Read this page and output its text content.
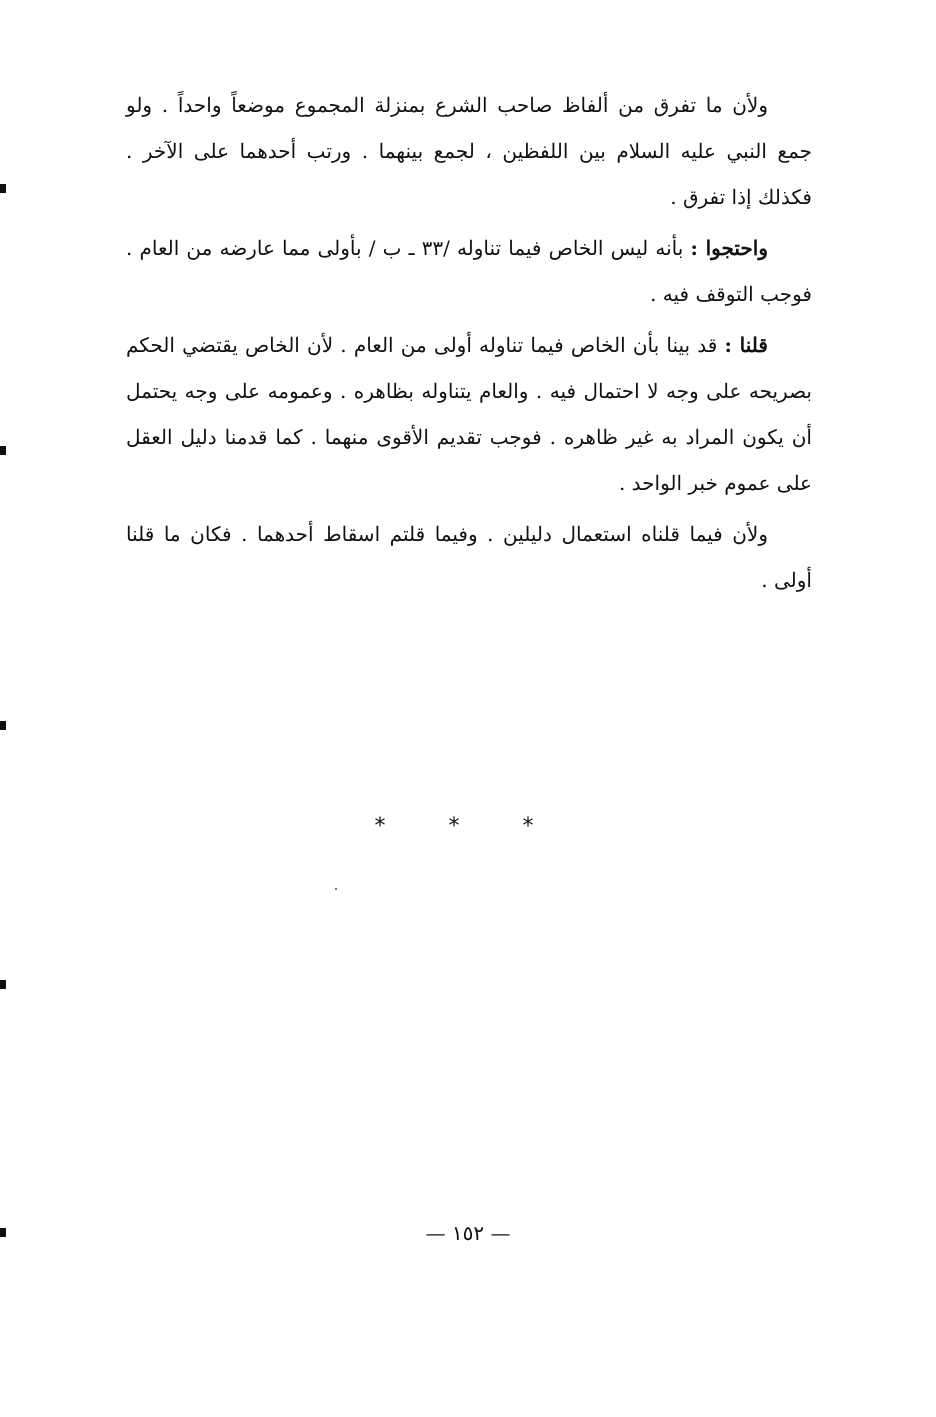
ولأن ما تفرق من ألفاظ صاحب الشرع بمنزلة المجموع موضعاً واحداً . ولو جمع النبي عليه السلام بين اللفظين ، لجمع بينهما . ورتب أحدهما على الآخر . فكذلك إذا تفرق .

واحتجوا : بأنه ليس الخاص فيما تناوله /٣٣ ـ ب / بأولى مما عارضه من العام . فوجب التوقف فيه .

قلنا : قد بينا بأن الخاص فيما تناوله أولى من العام . لأن الخاص يقتضي الحكم بصريحه على وجه لا احتمال فيه . والعام يتناوله بظاهره . وعمومه على وجه يحتمل أن يكون المراد به غير ظاهره . فوجب تقديم الأقوى منهما . كما قدمنا دليل العقل على عموم خبر الواحد .

ولأن فيما قلناه استعمال دليلين . وفيما قلتم اسقاط أحدهما . فكان ما قلنا أولى .

* * *
— ١٥٢ —
